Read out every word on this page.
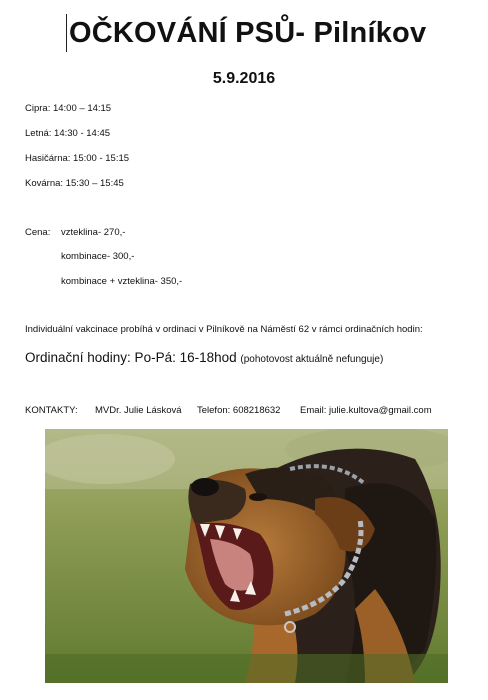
OČKOVÁNÍ PSŮ- Pilníkov
5.9.2016
Cipra: 14:00 – 14:15
Letná: 14:30 - 14:45
Hasičárna: 15:00 - 15:15
Kovárna: 15:30 – 15:45
Cena: vzteklina- 270,-
kombinace- 300,-
kombinace + vzteklina- 350,-
Individuální vakcinace probíhá v ordinaci v Pilníkově na Náměstí 62 v rámci ordinačních hodin:
Ordinační hodiny: Po-Pá: 16-18hod (pohotovost aktuálně nefunguje)
KONTAKTY: MVDr. Julie Lásková Telefon: 608218632 Email: julie.kultova@gmail.com
